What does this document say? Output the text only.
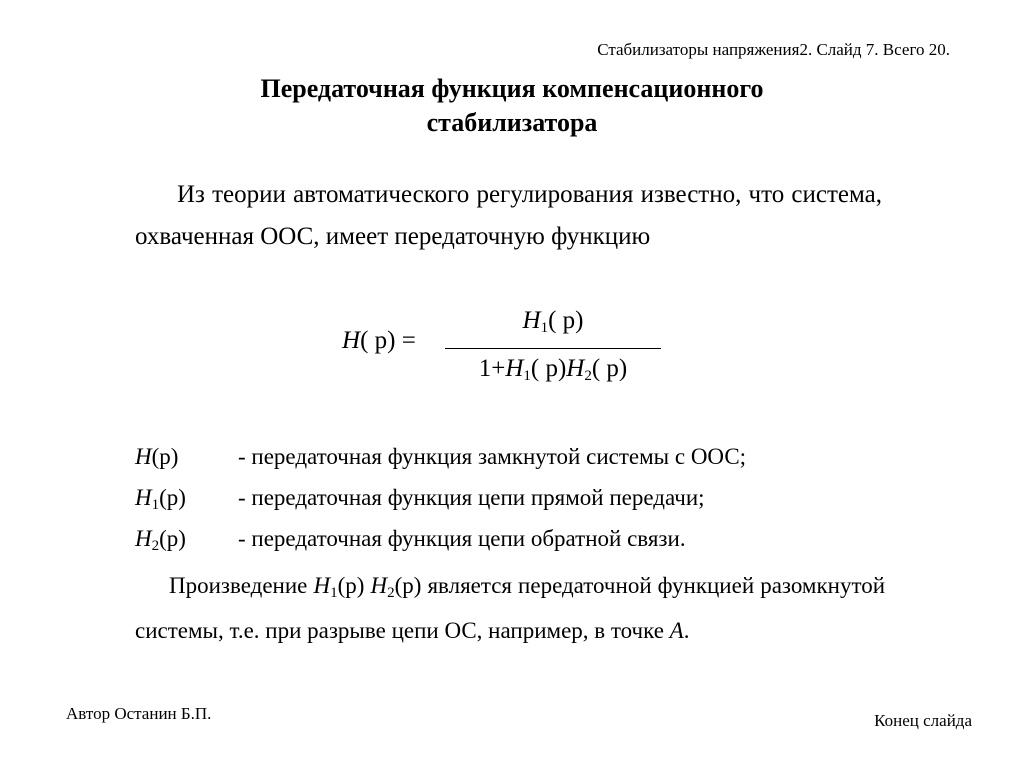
Стабилизаторы напряжения2. Слайд 7. Всего 20.
Передаточная функция компенсационного
стабилизатора
Из теории автоматического регулирования известно, что система, охваченная ООС, имеет передаточную функцию
H( p) =
$H_1$( p)
$1+H_1$( $p)H_2$( p)
H(p)	- передаточная функция замкнутой системы с ООС;
$H_1(p)$	- передаточная функция цепи прямой передачи;
$H_2(p)$	- передаточная функция цепи обратной связи.
Произведение $H_1(p)$ $H_2(p)$ является передаточной функцией разомкнутой системы, т.е. при разрыве цепи ОС, например, в точке A.
Автор Останин Б.П.	Конец слайда
